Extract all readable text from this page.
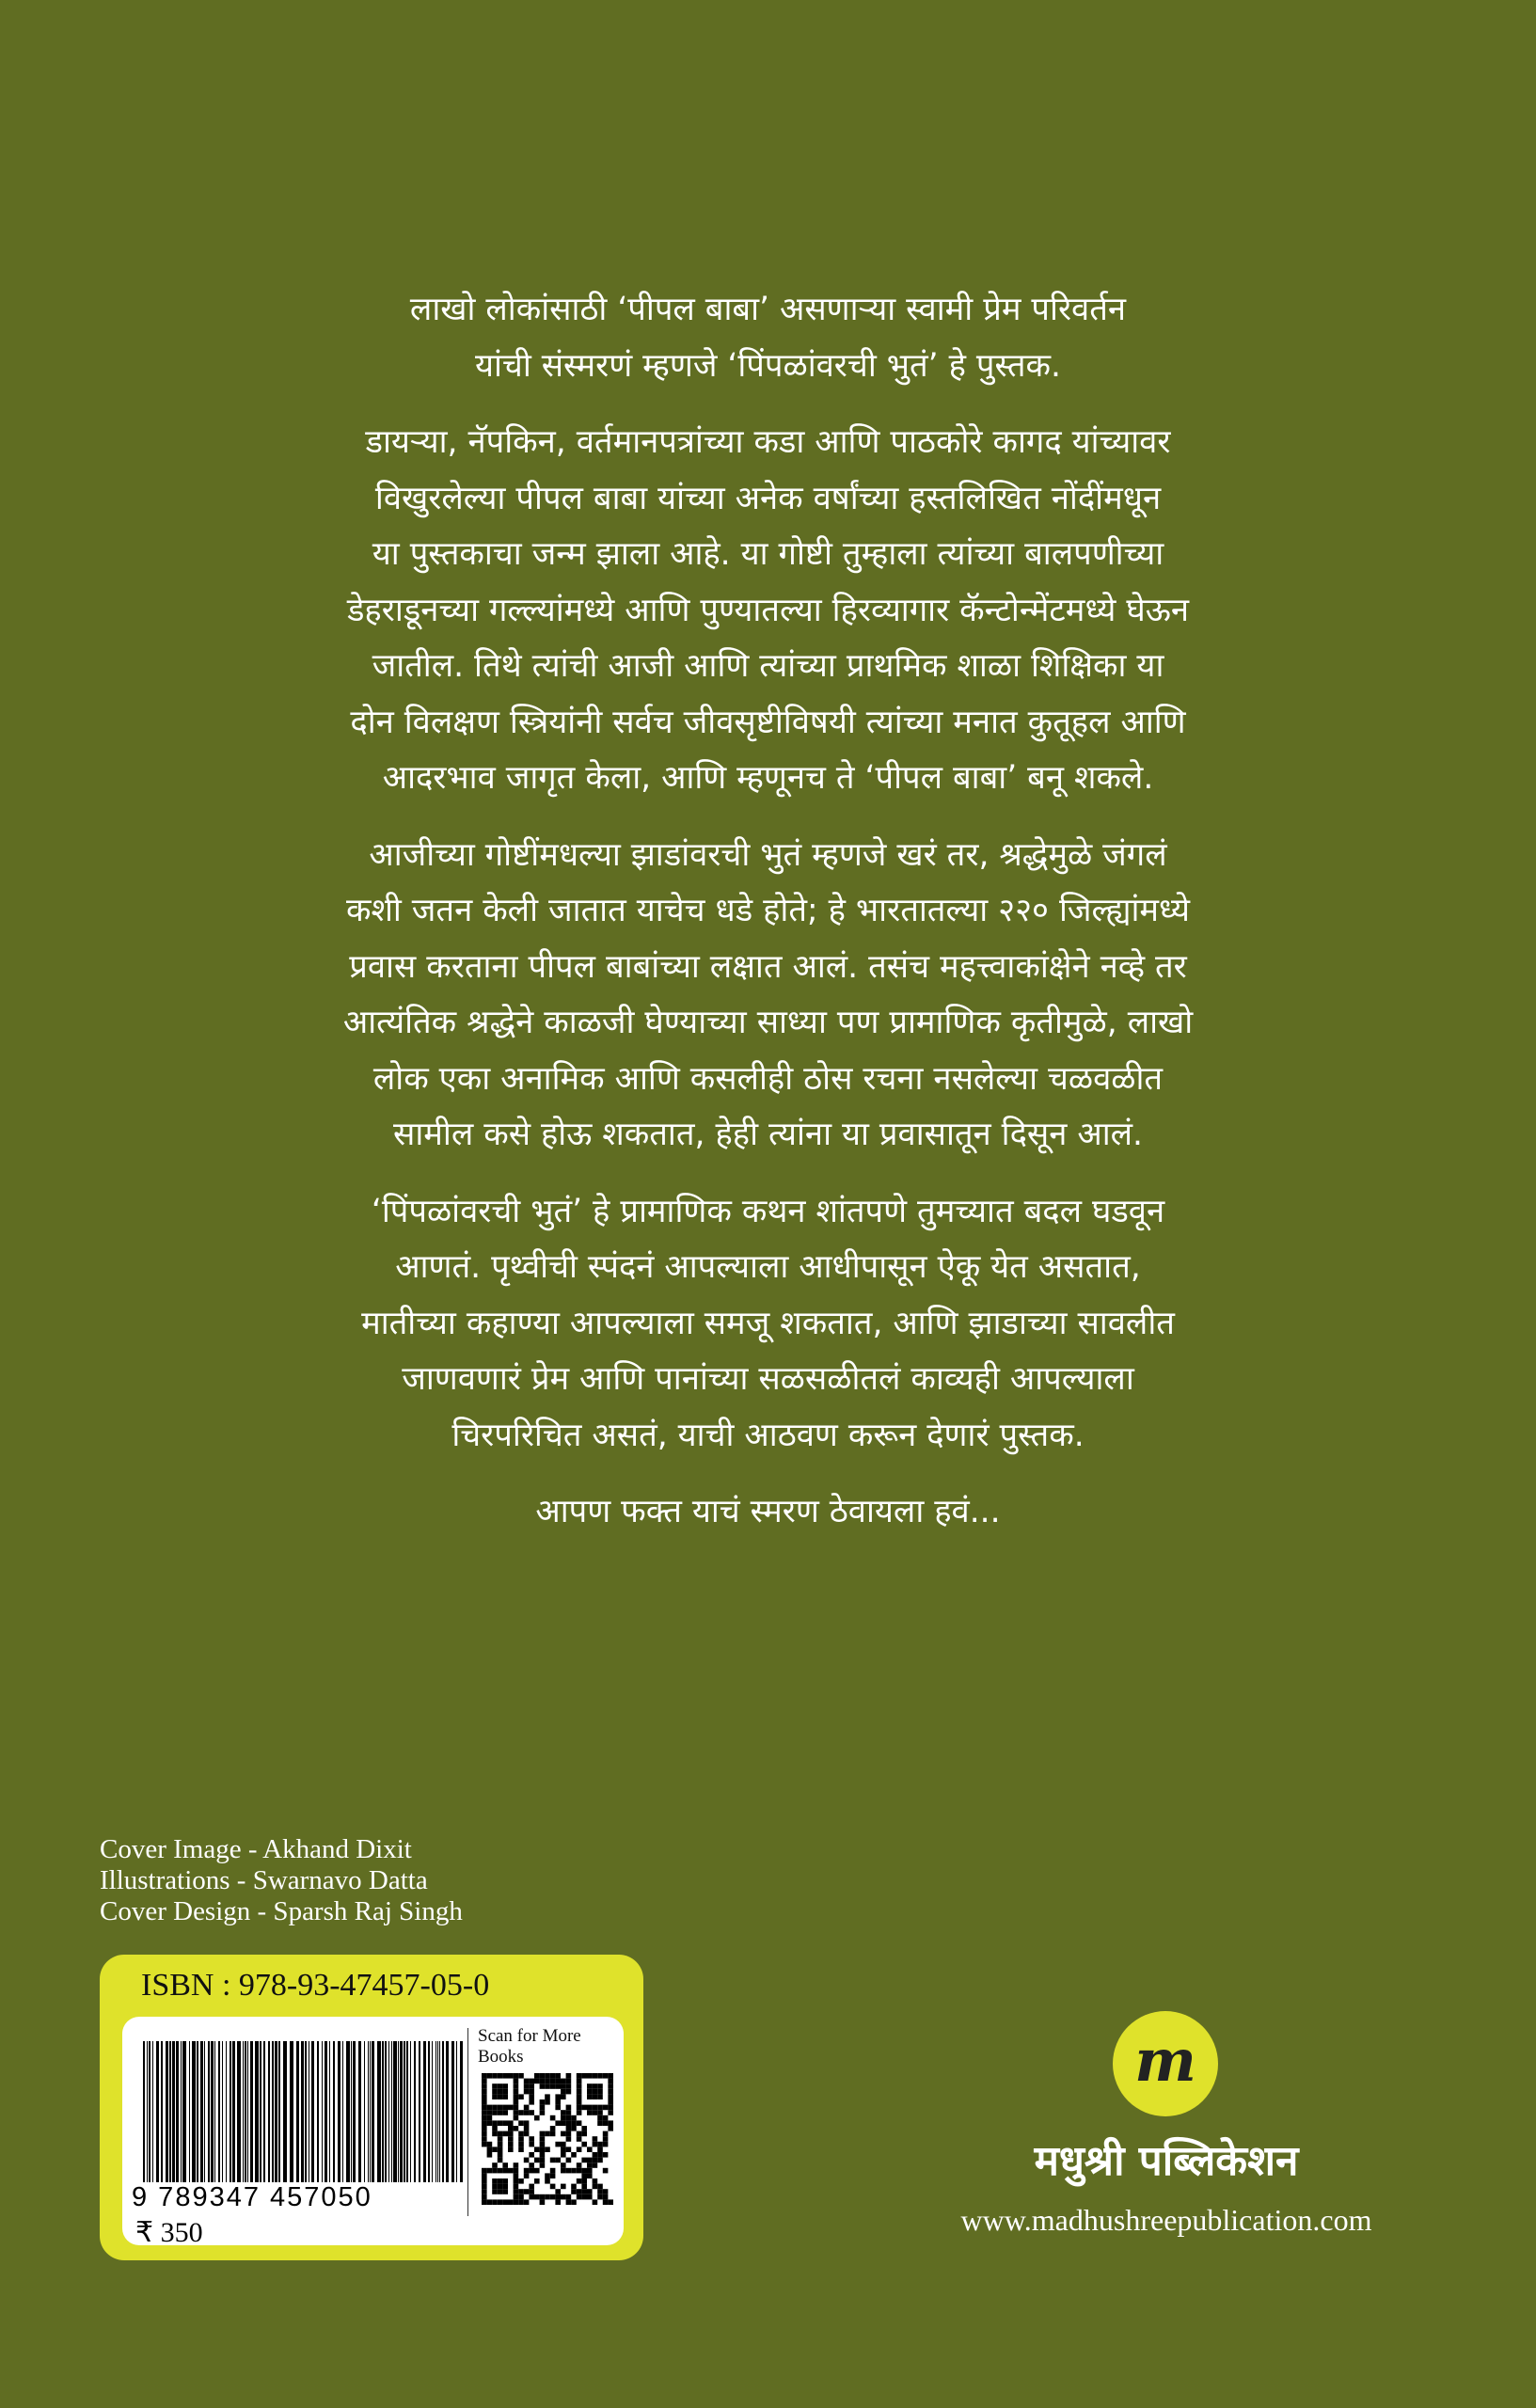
लाखो लोकांसाठी ‘पीपल बाबा’ असणाऱ्या स्वामी प्रेम परिवर्तन
यांची संस्मरणं म्हणजे ‘पिंपळांवरची भुतं’ हे पुस्तक.

डायऱ्या, नॅपकिन, वर्तमानपत्रांच्या कडा आणि पाठकोरे कागद यांच्यावर
विखुरलेल्या पीपल बाबा यांच्या अनेक वर्षांच्या हस्तलिखित नोंदींमधून
या पुस्तकाचा जन्म झाला आहे. या गोष्टी तुम्हाला त्यांच्या बालपणीच्या
डेहराडूनच्या गल्ल्यांमध्ये आणि पुण्यातल्या हिरव्यागार कॅन्टोन्मेंटमध्ये घेऊन
जातील. तिथे त्यांची आजी आणि त्यांच्या प्राथमिक शाळा शिक्षिका या
दोन विलक्षण स्त्रियांनी सर्वच जीवसृष्टीविषयी त्यांच्या मनात कुतूहल आणि
आदरभाव जागृत केला, आणि म्हणूनच ते ‘पीपल बाबा’ बनू शकले.

आजीच्या गोष्टींमधल्या झाडांवरची भुतं म्हणजे खरं तर, श्रद्धेमुळे जंगलं
कशी जतन केली जातात याचेच धडे होते; हे भारतातल्या २२० जिल्ह्यांमध्ये
प्रवास करताना पीपल बाबांच्या लक्षात आलं. तसंच महत्त्वाकांक्षेने नव्हे तर
आत्यंतिक श्रद्धेने काळजी घेण्याच्या साध्या पण प्रामाणिक कृतीमुळे, लाखो
लोक एका अनामिक आणि कसलीही ठोस रचना नसलेल्या चळवळीत
सामील कसे होऊ शकतात, हेही त्यांना या प्रवासातून दिसून आलं.

‘पिंपळांवरची भुतं’ हे प्रामाणिक कथन शांतपणे तुमच्यात बदल घडवून
आणतं. पृथ्वीची स्पंदनं आपल्याला आधीपासून ऐकू येत असतात,
मातीच्या कहाण्या आपल्याला समजू शकतात, आणि झाडाच्या सावलीत
जाणवणारं प्रेम आणि पानांच्या सळसळीतलं काव्यही आपल्याला
चिरपरिचित असतं, याची आठवण करून देणारं पुस्तक.

आपण फक्त याचं स्मरण ठेवायला हवं...

Cover Image - Akhand Dixit
Illustrations - Swarnavo Datta
Cover Design - Sparsh Raj Singh
ISBN : 978-93-47457-05-0
9 789347 457050
₹ 350
Scan for More Books	m
मधुश्री पब्लिकेशन
www.madhushreepublication.com
